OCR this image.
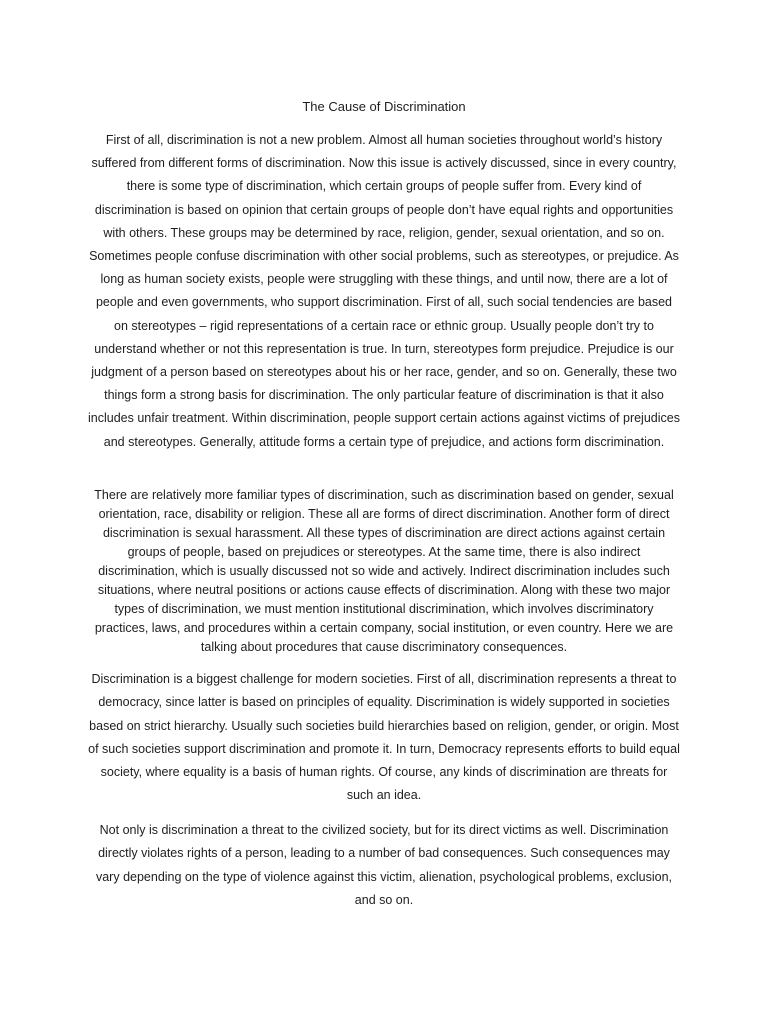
The Cause of Discrimination

First of all, discrimination is not a new problem. Almost all human societies throughout world’s history suffered from different forms of discrimination. Now this issue is actively discussed, since in every country, there is some type of discrimination, which certain groups of people suffer from. Every kind of discrimination is based on opinion that certain groups of people don’t have equal rights and opportunities with others. These groups may be determined by race, religion, gender, sexual orientation, and so on. Sometimes people confuse discrimination with other social problems, such as stereotypes, or prejudice. As long as human society exists, people were struggling with these things, and until now, there are a lot of people and even governments, who support discrimination. First of all, such social tendencies are based on stereotypes – rigid representations of a certain race or ethnic group. Usually people don’t try to understand whether or not this representation is true. In turn, stereotypes form prejudice. Prejudice is our judgment of a person based on stereotypes about his or her race, gender, and so on. Generally, these two things form a strong basis for discrimination. The only particular feature of discrimination is that it also includes unfair treatment. Within discrimination, people support certain actions against victims of prejudices and stereotypes. Generally, attitude forms a certain type of prejudice, and actions form discrimination.

There are relatively more familiar types of discrimination, such as discrimination based on gender, sexual orientation, race, disability or religion. These all are forms of direct discrimination. Another form of direct discrimination is sexual harassment. All these types of discrimination are direct actions against certain groups of people, based on prejudices or stereotypes. At the same time, there is also indirect discrimination, which is usually discussed not so wide and actively. Indirect discrimination includes such situations, where neutral positions or actions cause effects of discrimination. Along with these two major types of discrimination, we must mention institutional discrimination, which involves discriminatory practices, laws, and procedures within a certain company, social institution, or even country. Here we are talking about procedures that cause discriminatory consequences.

Discrimination is a biggest challenge for modern societies. First of all, discrimination represents a threat to democracy, since latter is based on principles of equality. Discrimination is widely supported in societies based on strict hierarchy. Usually such societies build hierarchies based on religion, gender, or origin. Most of such societies support discrimination and promote it. In turn, Democracy represents efforts to build equal society, where equality is a basis of human rights. Of course, any kinds of discrimination are threats for such an idea.

Not only is discrimination a threat to the civilized society, but for its direct victims as well. Discrimination directly violates rights of a person, leading to a number of bad consequences. Such consequences may vary depending on the type of violence against this victim, alienation, psychological problems, exclusion, and so on.
